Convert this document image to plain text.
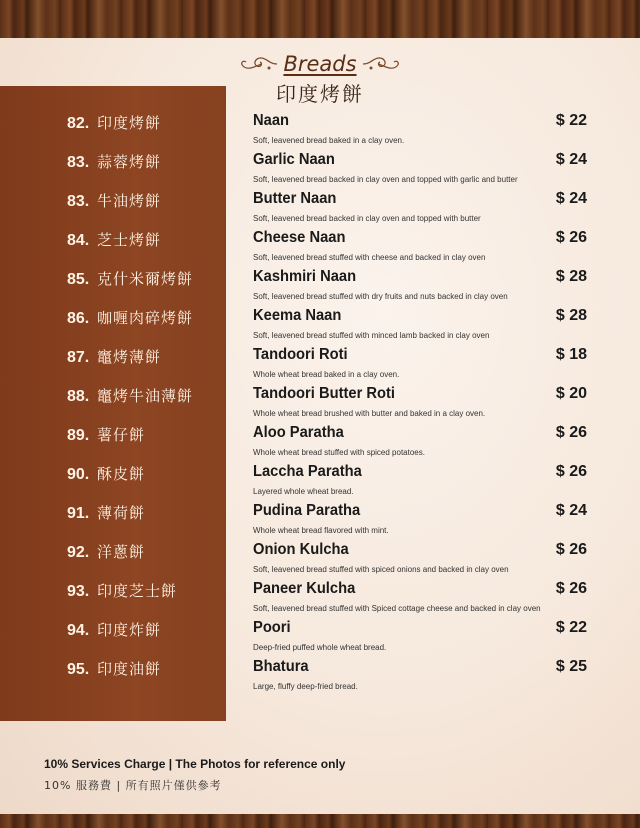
Breads
印度烤餅
82. 印度烤餅	Naan
Soft, leavened bread baked in a clay oven.
$ 22
83. 蒜蓉烤餅	Garlic Naan
Soft, leavened bread backed in clay oven and topped with garlic and butter
$ 24
83. 牛油烤餅	Butter Naan
Soft, leavened bread backed in clay oven and topped with butter
$ 24
84. 芝士烤餅	Cheese Naan
Soft, leavened bread stuffed with cheese and backed in clay oven
$ 26
85. 克什米爾烤餅	Kashmiri Naan
Soft, leavened bread stuffed with dry fruits and nuts backed in clay oven
$ 28
86. 咖喱肉碎烤餅	Keema Naan
Soft, leavened bread stuffed with minced lamb backed in clay oven
$ 28
87. 竈烤薄餅	Tandoori Roti
Whole wheat bread baked in a clay oven.
$ 18
88. 竈烤牛油薄餅	Tandoori Butter Roti
Whole wheat bread brushed with butter and baked in a clay oven.
$ 20
89. 薯仔餅	Aloo Paratha
Whole wheat bread stuffed with spiced potatoes.
$ 26
90. 酥皮餅	Laccha Paratha
Layered whole wheat bread.
$ 26
91. 薄荷餅	Pudina Paratha
Whole wheat bread flavored with mint.
$ 24
92. 洋蔥餅	Onion Kulcha
Soft, leavened bread stuffed with spiced onions and backed in clay oven
$ 26
93. 印度芝士餅	Paneer Kulcha
Soft, leavened bread stuffed with Spiced cottage cheese and backed in clay oven
$ 26
94. 印度炸餅	Poori
Deep-fried puffed whole wheat bread.
$ 22
95. 印度油餅	Bhatura
Large, fluffy deep-fried bread.
$ 25
10% Services Charge | The Photos for reference only
10% 服務費 | 所有照片僅供參考
